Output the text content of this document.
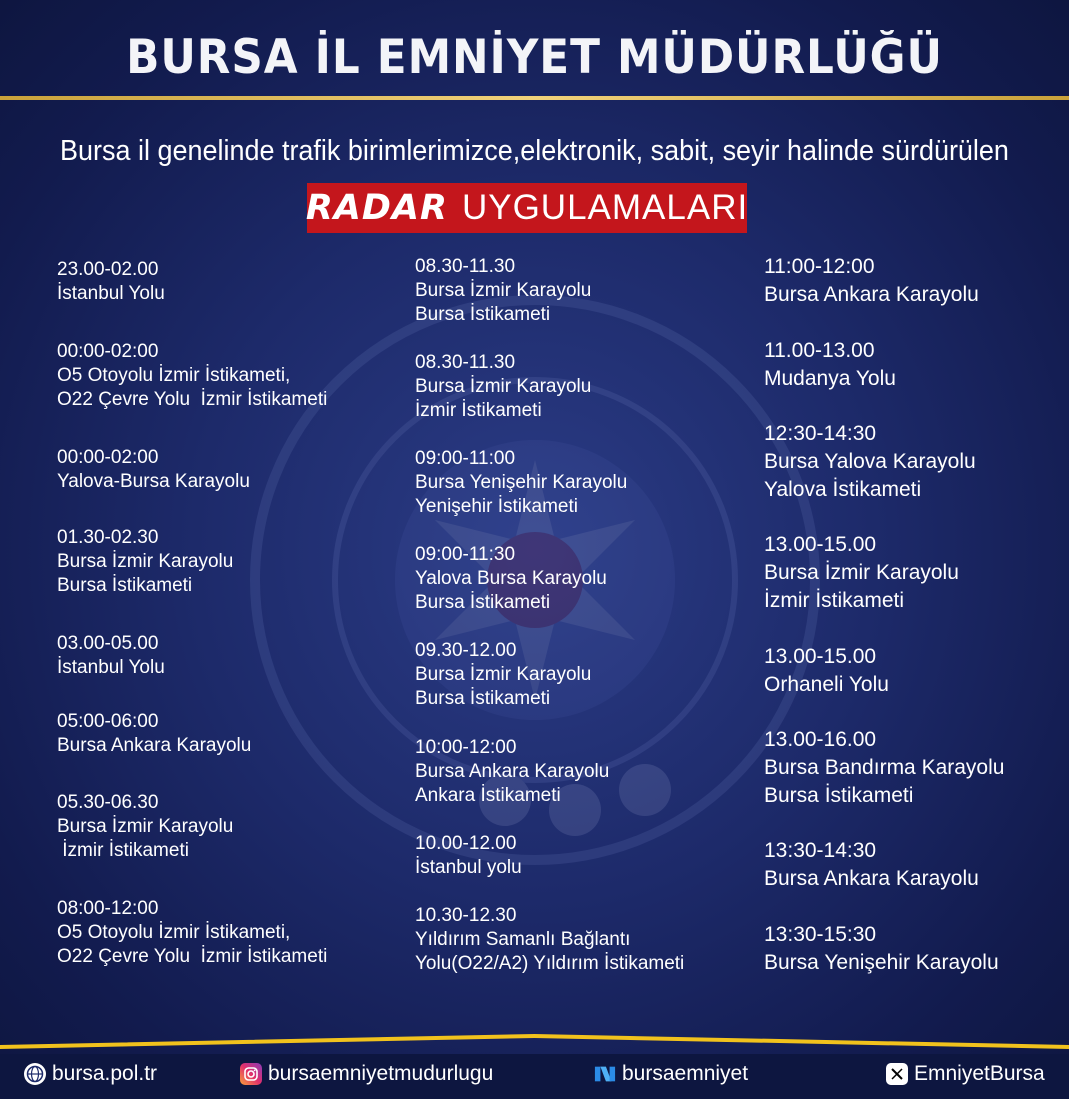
BURSA İL EMNİYET MÜDÜRLÜĞÜ
Bursa il genelinde trafik birimlerimizce,elektronik, sabit, seyir halinde sürdürülen
RADAR UYGULAMALARI
23.00-02.00
İstanbul Yolu
00:00-02:00
O5 Otoyolu İzmir İstikameti,
O22 Çevre Yolu  İzmir İstikameti
00:00-02:00
Yalova-Bursa Karayolu
01.30-02.30
Bursa İzmir Karayolu
Bursa İstikameti
03.00-05.00
İstanbul Yolu
05:00-06:00
Bursa Ankara Karayolu
05.30-06.30
Bursa İzmir Karayolu
İzmir İstikameti
08:00-12:00
O5 Otoyolu İzmir İstikameti,
O22 Çevre Yolu  İzmir İstikameti
08.30-11.30
Bursa İzmir Karayolu
Bursa İstikameti
08.30-11.30
Bursa İzmir Karayolu
İzmir İstikameti
09:00-11:00
Bursa Yenişehir Karayolu
Yenişehir İstikameti
09:00-11:30
Yalova Bursa Karayolu
Bursa İstikameti
09.30-12.00
Bursa İzmir Karayolu
Bursa İstikameti
10:00-12:00
Bursa Ankara Karayolu
Ankara İstikameti
10.00-12.00
İstanbul yolu
10.30-12.30
Yıldırım Samanlı Bağlantı
Yolu(O22/A2) Yıldırım İstikameti
11:00-12:00
Bursa Ankara Karayolu
11.00-13.00
Mudanya Yolu
12:30-14:30
Bursa Yalova Karayolu
Yalova İstikameti
13.00-15.00
Bursa İzmir Karayolu
İzmir İstikameti
13.00-15.00
Orhaneli Yolu
13.00-16.00
Bursa Bandırma Karayolu
Bursa İstikameti
13:30-14:30
Bursa Ankara Karayolu
13:30-15:30
Bursa Yenişehir Karayolu
bursa.pol.tr	bursaemniyetmudurlugu	bursaemniyet	EmniyetBursa
